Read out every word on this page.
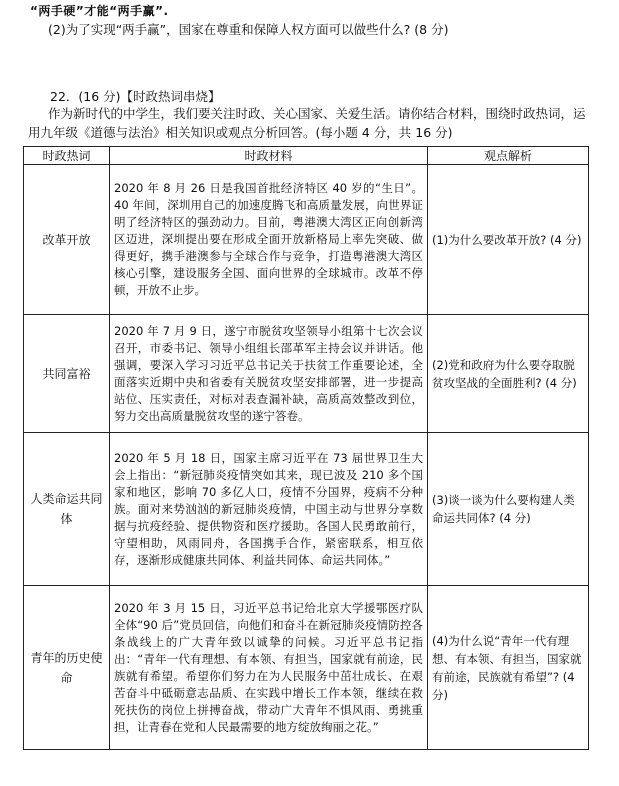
“两手硬”才能“两手赢”.
(2)为了实现“两手赢”，国家在尊重和保障人权方面可以做些什么? (8 分)
22．(16 分)【时政热词串烧】
作为新时代的中学生，我们要关注时政、关心国家、关爱生活。请你结合材料，围绕时政热词，运用九年级《道德与法治》相关知识或观点分析回答。(每小题 4 分，共 16 分)
时政热词	时政材料	观点解析
改革开放	2020 年 8 月 26 日是我国首批经济特区 40 岁的“生日”。40 年间，深圳用自己的加速度腾飞和高质量发展，向世界证明了经济特区的强劲动力。目前，粤港澳大湾区正向创新湾区迈进，深圳提出要在形成全面开放新格局上率先突破、做得更好，携手港澳参与全球合作与竞争，打造粤港澳大湾区核心引擎，建设服务全国、面向世界的全球城市。改革不停顿，开放不止步。	(1)为什么要改革开放? (4 分)
共同富裕	2020 年 7 月 9 日，遂宁市脱贫攻坚领导小组第十七次会议召开，市委书记、领导小组组长邵革军主持会议并讲话。他强调，要深入学习习近平总书记关于扶贫工作重要论述，全面落实近期中央和省委有关脱贫攻坚安排部署，进一步提高站位、压实责任，对标对表查漏补缺，高质高效整改到位，努力交出高质量脱贫攻坚的遂宁答卷。	(2)党和政府为什么要夺取脱贫攻坚战的全面胜利? (4 分)
人类命运共同体	2020 年 5 月 18 日，国家主席习近平在 73 届世界卫生大会上指出：“新冠肺炎疫情突如其来，现已波及 210 多个国家和地区，影响 70 多亿人口，疫情不分国界，疫病不分种族。面对来势汹汹的新冠肺炎疫情，中国主动与世界分享数据与抗疫经验、提供物资和医疗援助。各国人民勇敢前行，守望相助，风雨同舟，各国携手合作，紧密联系，相互依存，逐渐形成健康共同体、利益共同体、命运共同体。”	(3)谈一谈为什么要构建人类命运共同体? (4 分)
青年的历史使命	2020 年 3 月 15 日，习近平总书记给北京大学援鄂医疗队全体“90 后”党员回信，向他们和奋斗在新冠肺炎疫情防控各条战线上的广大青年致以诚挚的问候。习近平总书记指出：“青年一代有理想、有本领、有担当，国家就有前途，民族就有希望。希望你们努力在为人民服务中茁壮成长、在艰苦奋斗中砥砺意志品质、在实践中增长工作本领，继续在救死扶伤的岗位上拼搏奋战，带动广大青年不惧风雨、勇挑重担，让青春在党和人民最需要的地方绽放绚丽之花。”	(4)为什么说“青年一代有理想、有本领、有担当，国家就有前途，民族就有希望”? (4 分)
